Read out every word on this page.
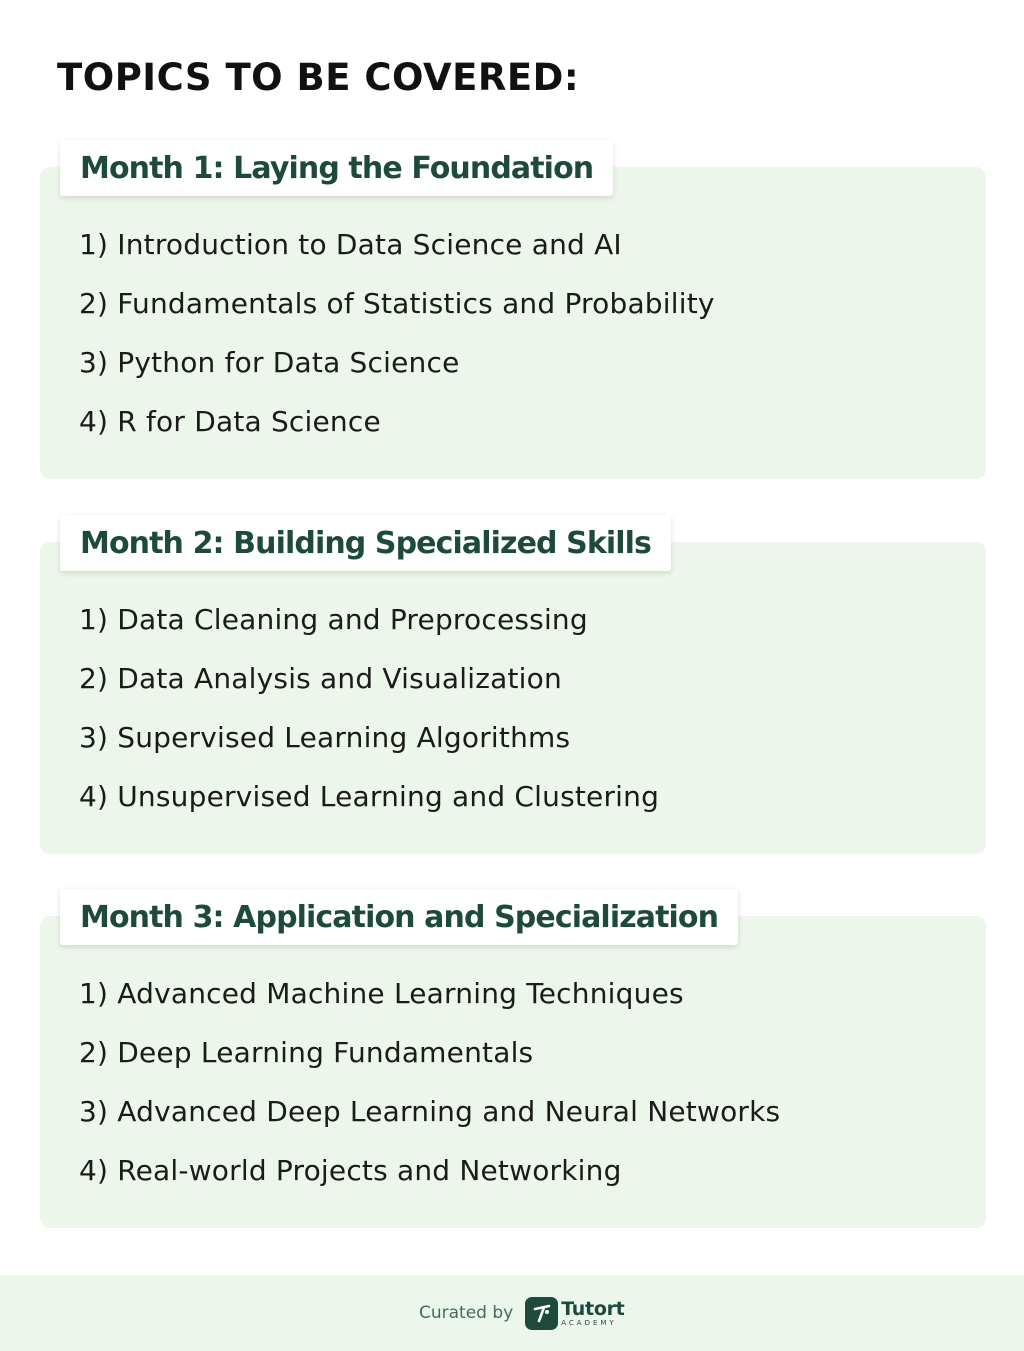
TOPICS TO BE COVERED:
Month 1: Laying the Foundation
1) Introduction to Data Science and AI
2) Fundamentals of Statistics and Probability
3) Python for Data Science
4) R for Data Science
Month 2: Building Specialized Skills
1) Data Cleaning and Preprocessing
2) Data Analysis and Visualization
3) Supervised Learning Algorithms
4) Unsupervised Learning and Clustering
Month 3: Application and Specialization
1) Advanced Machine Learning Techniques
2) Deep Learning Fundamentals
3) Advanced Deep Learning and Neural Networks
4) Real-world Projects and Networking
Curated by	Tutort
ACADEMY
